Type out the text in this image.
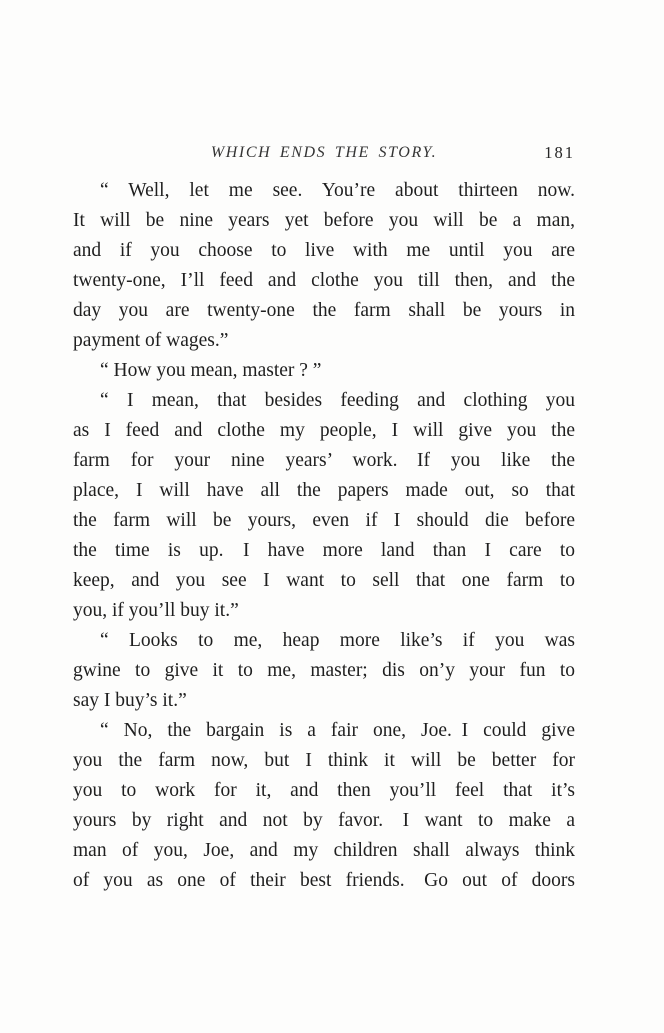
WHICH ENDS THE STORY.	181
“ Well, let me see. You’re about thirteen now.
It will be nine years yet before you will be a man,
and if you choose to live with me until you are
twenty-one, I’ll feed and clothe you till then, and the
day you are twenty-one the farm shall be yours in
payment of wages.”
“ How you mean, master ? ”
“ I mean, that besides feeding and clothing you
as I feed and clothe my people, I will give you the
farm for your nine years’ work. If you like the
place, I will have all the papers made out, so that
the farm will be yours, even if I should die before
the time is up. I have more land than I care to
keep, and you see I want to sell that one farm to
you, if you’ll buy it.”
“ Looks to me, heap more like’s if you was
gwine to give it to me, master; dis on’y your fun to
say I buy’s it.”
“ No, the bargain is a fair one, Joe. I could give
you the farm now, but I think it will be better for
you to work for it, and then you’ll feel that it’s
yours by right and not by favor. I want to make a
man of you, Joe, and my children shall always think
of you as one of their best friends. Go out of doors
